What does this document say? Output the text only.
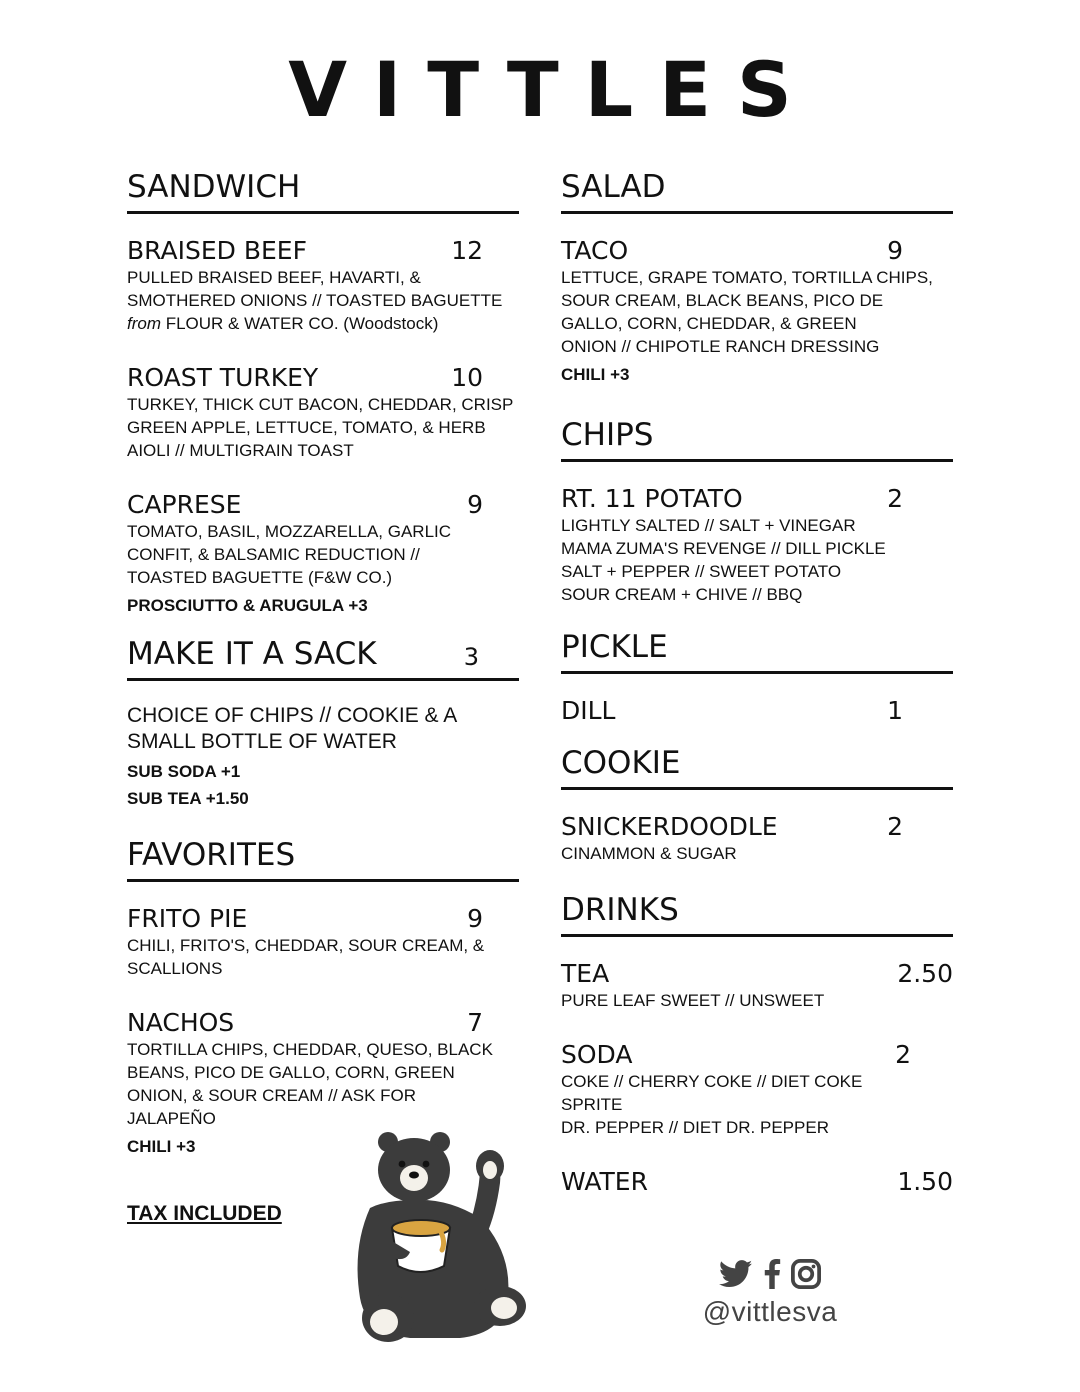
VITTLES
SANDWICH
BRAISED BEEF	12
PULLED BRAISED BEEF, HAVARTI, &
SMOTHERED ONIONS // TOASTED BAGUETTE
from FLOUR & WATER CO. (Woodstock)
ROAST TURKEY	10
TURKEY, THICK CUT BACON, CHEDDAR, CRISP
GREEN APPLE, LETTUCE, TOMATO, & HERB
AIOLI // MULTIGRAIN TOAST
CAPRESE	9
TOMATO, BASIL, MOZZARELLA, GARLIC
CONFIT, & BALSAMIC REDUCTION //
TOASTED BAGUETTE (F&W CO.)
PROSCIUTTO & ARUGULA +3
MAKE IT A SACK	3
CHOICE OF CHIPS // COOKIE & A
SMALL BOTTLE OF WATER
SUB SODA +1
SUB TEA +1.50
FAVORITES
FRITO PIE	9
CHILI, FRITO'S, CHEDDAR, SOUR CREAM, &
SCALLIONS
NACHOS	7
TORTILLA CHIPS, CHEDDAR, QUESO, BLACK
BEANS, PICO DE GALLO, CORN, GREEN
ONION, & SOUR CREAM // ASK FOR
JALAPEÑO
CHILI +3
TAX INCLUDED
SALAD
TACO	9
LETTUCE, GRAPE TOMATO, TORTILLA CHIPS,
SOUR CREAM, BLACK BEANS, PICO DE
GALLO, CORN, CHEDDAR, & GREEN
ONION // CHIPOTLE RANCH DRESSING
CHILI +3
CHIPS
RT. 11 POTATO	2
LIGHTLY SALTED // SALT + VINEGAR
MAMA ZUMA'S REVENGE // DILL PICKLE
SALT + PEPPER // SWEET POTATO
SOUR CREAM + CHIVE // BBQ
PICKLE
DILL	1
COOKIE
SNICKERDOODLE	2
CINAMMON & SUGAR
DRINKS
TEA	2.50
PURE LEAF SWEET // UNSWEET
SODA	2
COKE // CHERRY COKE // DIET COKE
SPRITE
DR. PEPPER // DIET DR. PEPPER
WATER	1.50
@vittlesva
